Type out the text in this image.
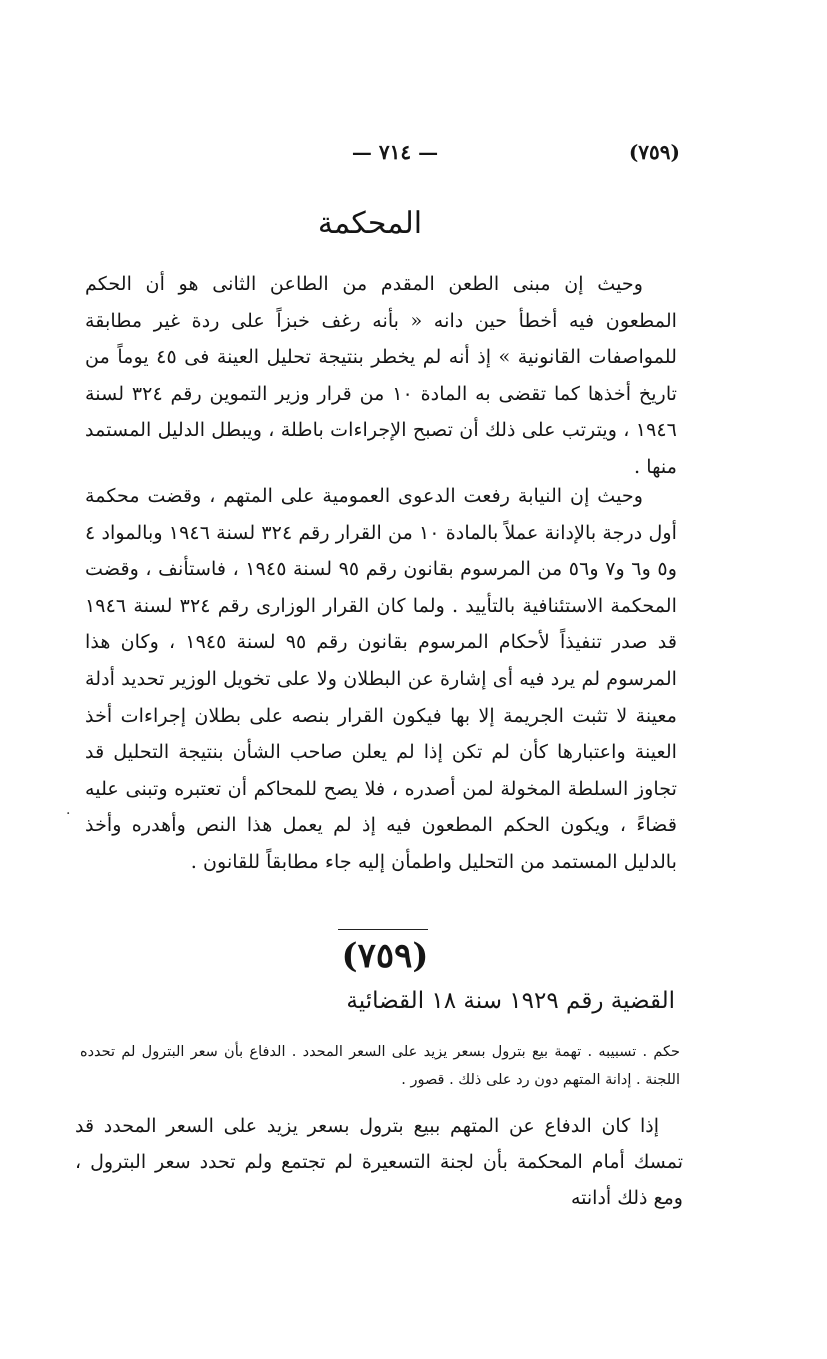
(٧٥٩)
— ٧١٤ —
المحكمة

وحيث إن مبنى الطعن المقدم من الطاعن الثانى هو أن الحكم المطعون فيه أخطأ حين دانه « بأنه رغف خبزاً على ردة غير مطابقة للمواصفات القانونية » إذ أنه لم يخطر بنتيجة تحليل العينة فى ٤٥ يوماً من تاريخ أخذها كما تقضى به المادة ١٠ من قرار وزير التموين رقم ٣٢٤ لسنة ١٩٤٦ ، ويترتب على ذلك أن تصبح الإجراءات باطلة ، ويبطل الدليل المستمد منها .

وحيث إن النيابة رفعت الدعوى العمومية على المتهم ، وقضت محكمة أول درجة بالإدانة عملاً بالمادة ١٠ من القرار رقم ٣٢٤ لسنة ١٩٤٦ وبالمواد ٤ و٥ و٦ و٧ و٥٦ من المرسوم بقانون رقم ٩٥ لسنة ١٩٤٥ ، فاستأنف ، وقضت المحكمة الاستئنافية بالتأييد . ولما كان القرار الوزارى رقم ٣٢٤ لسنة ١٩٤٦ قد صدر تنفيذاً لأحكام المرسوم بقانون رقم ٩٥ لسنة ١٩٤٥ ، وكان هذا المرسوم لم يرد فيه أى إشارة عن البطلان ولا على تخويل الوزير تحديد أدلة معينة لا تثبت الجريمة إلا بها فيكون القرار بنصه على بطلان إجراءات أخذ العينة واعتبارها كأن لم تكن إذا لم يعلن صاحب الشأن بنتيجة التحليل قد تجاوز السلطة المخولة لمن أصدره ، فلا يصح للمحاكم أن تعتبره وتبنى عليه قضاءً ، ويكون الحكم المطعون فيه إذ لم يعمل هذا النص وأهدره وأخذ بالدليل المستمد من التحليل واطمأن إليه جاء مطابقاً للقانون .

·
(٧٥٩)
القضية رقم ١٩٢٩ سنة ١٨ القضائية

حكم . تسبيبه . تهمة بيع بترول بسعر يزيد على السعر المحدد . الدفاع بأن سعر البترول لم تحدده اللجنة . إدانة المتهم دون رد على ذلك . قصور .

إذا كان الدفاع عن المتهم ببيع بترول بسعر يزيد على السعر المحدد قد تمسك أمام المحكمة بأن لجنة التسعيرة لم تجتمع ولم تحدد سعر البترول ، ومع ذلك أدانته
